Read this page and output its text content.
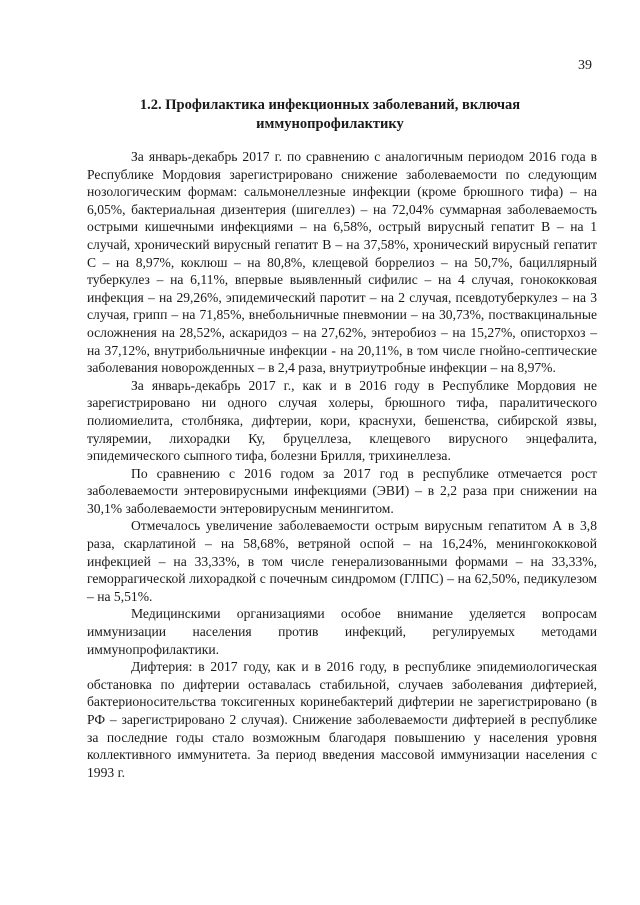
39
1.2. Профилактика инфекционных заболеваний, включая
иммунопрофилактику

За январь-декабрь 2017 г. по сравнению с аналогичным периодом 2016 года в Республике Мордовия зарегистрировано снижение заболеваемости по следующим нозологическим формам: сальмонеллезные инфекции (кроме брюшного тифа) – на 6,05%, бактериальная дизентерия (шигеллез) – на 72,04% суммарная заболеваемость острыми кишечными инфекциями – на 6,58%, острый вирусный гепатит В – на 1 случай, хронический вирусный гепатит В – на 37,58%, хронический вирусный гепатит С – на 8,97%, коклюш – на 80,8%, клещевой боррелиоз – на 50,7%, бациллярный туберкулез – на 6,11%, впервые выявленный сифилис – на 4 случая, гонококковая инфекция – на 29,26%, эпидемический паротит – на 2 случая, псевдотуберкулез – на 3 случая, грипп – на 71,85%, внебольничные пневмонии – на 30,73%, поствакцинальные осложнения на 28,52%, аскаридоз – на 27,62%, энтеробиоз – на 15,27%, описторхоз – на 37,12%, внутрибольничные инфекции - на 20,11%, в том числе гнойно-септические заболевания новорожденных – в 2,4 раза, внутриутробные инфекции – на 8,97%.

За январь-декабрь 2017 г., как и в 2016 году в Республике Мордовия не зарегистрировано ни одного случая холеры, брюшного тифа, паралитического полиомиелита, столбняка, дифтерии, кори, краснухи, бешенства, сибирской язвы, туляремии, лихорадки Ку, бруцеллеза, клещевого вирусного энцефалита, эпидемического сыпного тифа, болезни Брилля, трихинеллеза.

По сравнению с 2016 годом за 2017 год в республике отмечается рост заболеваемости энтеровирусными инфекциями (ЭВИ) – в 2,2 раза при снижении на 30,1% заболеваемости энтеровирусным менингитом.

Отмечалось увеличение заболеваемости острым вирусным гепатитом А в 3,8 раза, скарлатиной – на 58,68%, ветряной оспой – на 16,24%, менингококковой инфекцией – на 33,33%, в том числе генерализованными формами – на 33,33%, геморрагической лихорадкой с почечным синдромом (ГЛПС) – на 62,50%, педикулезом – на 5,51%.

Медицинскими организациями особое внимание уделяется вопросам иммунизации населения против инфекций, регулируемых методами иммунопрофилактики.

Дифтерия: в 2017 году, как и в 2016 году, в республике эпидемиологическая обстановка по дифтерии оставалась стабильной, случаев заболевания дифтерией, бактерионосительства токсигенных коринебактерий дифтерии не зарегистрировано (в РФ – зарегистрировано 2 случая). Снижение заболеваемости дифтерией в республике за последние годы стало возможным благодаря повышению у населения уровня коллективного иммунитета. За период введения массовой иммунизации населения с 1993 г.
